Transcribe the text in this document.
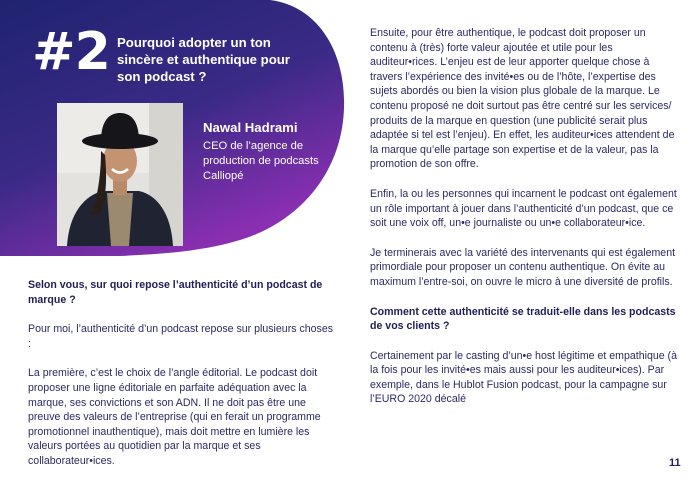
#2 Pourquoi adopter un ton sincère et authentique pour son podcast ?
Nawal Hadrami
CEO de l’agence de production de podcasts Calliopé

Selon vous, sur quoi repose l’authenticité d’un podcast de marque ?

Pour moi, l’authenticité d’un podcast repose sur plusieurs choses :

La première, c’est le choix de l’angle éditorial. Le podcast doit proposer une ligne éditoriale en parfaite adéquation avec la marque, ses convictions et son ADN. Il ne doit pas être une preuve des valeurs de l’entreprise (qui en ferait un programme promotionnel inauthentique), mais doit mettre en lumière les valeurs portées au quotidien par la marque et ses collaborateur•ices.

Ensuite, pour être authentique, le podcast doit proposer un contenu à (très) forte valeur ajoutée et utile pour les auditeur•rices. L’enjeu est de leur apporter quelque chose à travers l’expérience des invité•es ou de l’hôte, l’expertise des sujets abordés ou bien la vision plus globale de la marque. Le contenu proposé ne doit surtout pas être centré sur les services/ produits de la marque en question (une publicité serait plus adaptée si tel est l’enjeu). En effet, les auditeur•ices attendent de la marque qu’elle partage son expertise et de la valeur, pas la promotion de son offre.

Enfin, la ou les personnes qui incarnent le podcast ont également un rôle important à jouer dans l’authenticité d’un podcast, que ce soit une voix off, un•e journaliste ou un•e collaborateur•ice.

Je terminerais avec la variété des intervenants qui est également primordiale pour proposer un contenu authentique. On évite au maximum l’entre-soi, on ouvre le micro à une diversité de profils.

Comment cette authenticité se traduit-elle dans les podcasts de vos clients ?

Certainement par le casting d’un•e host légitime et empathique (à la fois pour les invité•es mais aussi pour les auditeur•ices). Par exemple, dans le Hublot Fusion podcast, pour la campagne sur l’EURO 2020 décalé

11
